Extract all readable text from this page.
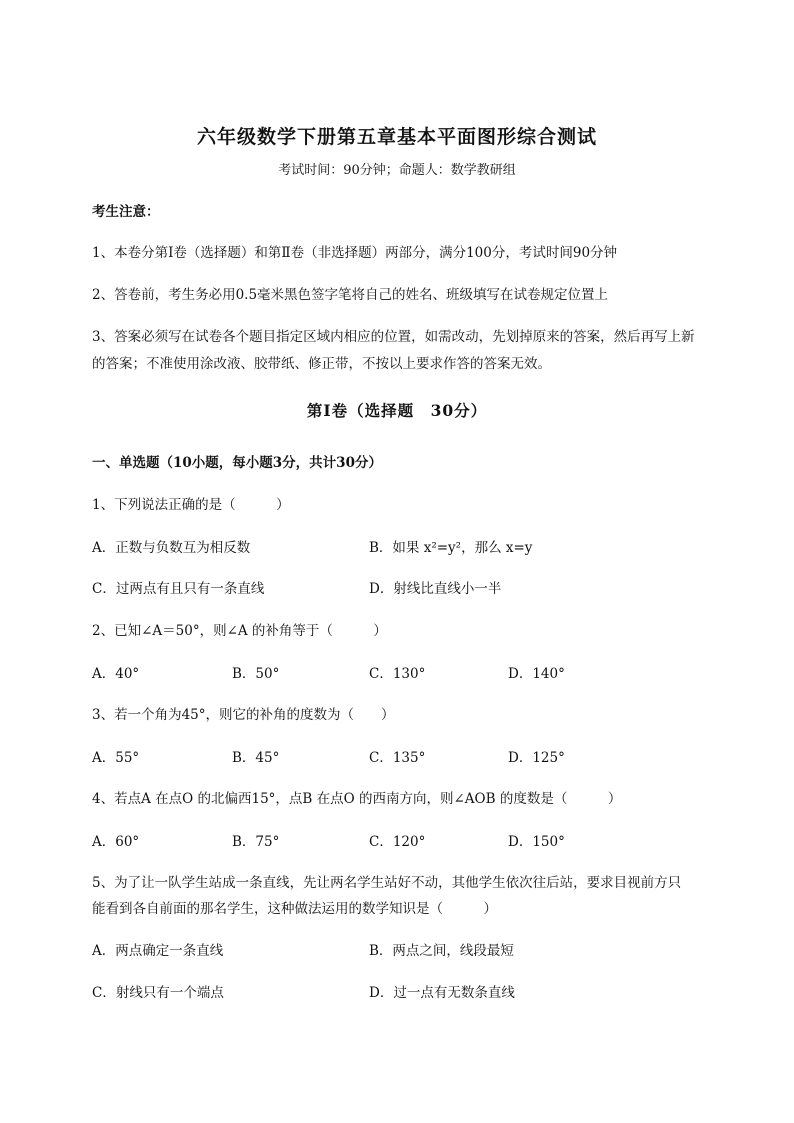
六年级数学下册第五章基本平面图形综合测试
考试时间：90分钟；命题人：数学教研组
考生注意：
1、本卷分第Ⅰ卷（选择题）和第Ⅱ卷（非选择题）两部分，满分100分，考试时间90分钟
2、答卷前，考生务必用0.5毫米黑色签字笔将自己的姓名、班级填写在试卷规定位置上
3、答案必须写在试卷各个题目指定区域内相应的位置，如需改动，先划掉原来的答案，然后再写上新
的答案；不准使用涂改液、胶带纸、修正带，不按以上要求作答的答案无效。
第Ⅰ卷（选择题　30分）
一、单选题（10小题，每小题3分，共计30分）
1、下列说法正确的是（　　　）
A．正数与负数互为相反数	B．如果 x²=y²，那么 x=y
C．过两点有且只有一条直线	D．射线比直线小一半
2、已知∠A＝50°，则∠A 的补角等于（　　　）
A．40°	B．50°	C．130°	D．140°
3、若一个角为45°，则它的补角的度数为（　　）
A．55°	B．45°	C．135°	D．125°
4、若点A 在点O 的北偏西15°，点B 在点O 的西南方向，则∠AOB 的度数是（　　　）
A．60°	B．75°	C．120°	D．150°
5、为了让一队学生站成一条直线，先让两名学生站好不动，其他学生依次往后站，要求目视前方只
能看到各自前面的那名学生，这种做法运用的数学知识是（　　　）
A．两点确定一条直线	B．两点之间，线段最短
C．射线只有一个端点	D．过一点有无数条直线
